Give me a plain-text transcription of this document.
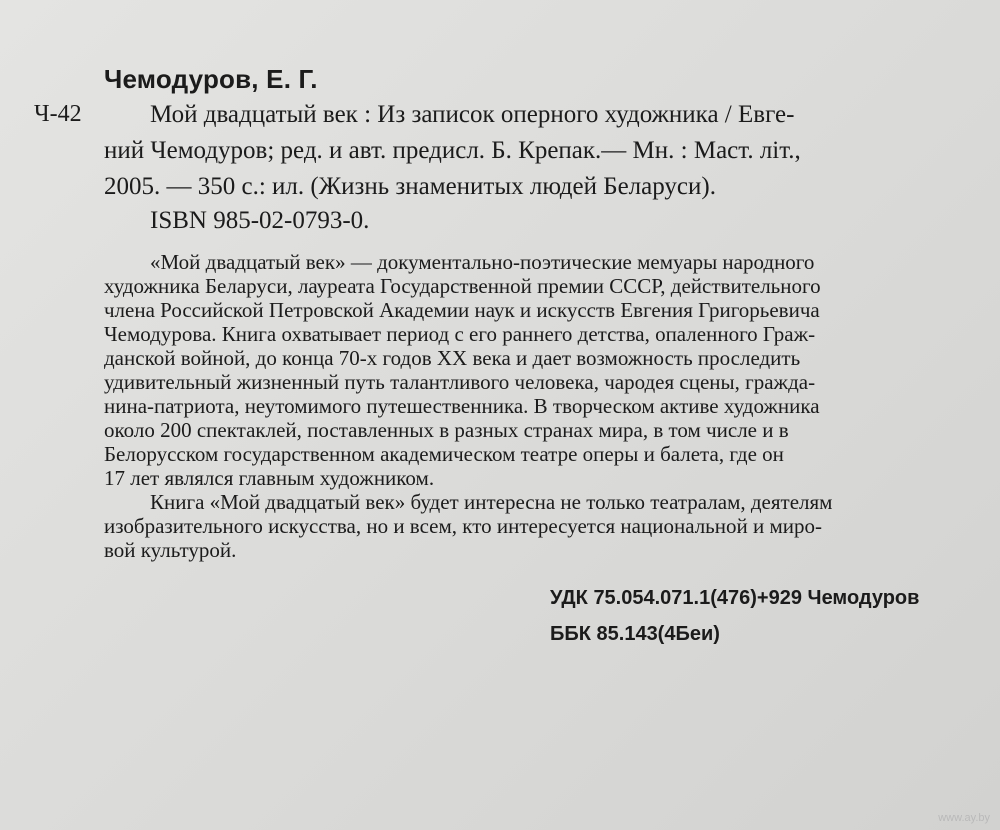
Чемодуров, Е. Г.
Ч-42	Мой двадцатый век : Из записок оперного художника / Евге-
ний Чемодуров; ред. и авт. предисл. Б. Крепак.— Мн. : Маст. літ.,
2005. — 350 с.: ил. (Жизнь знаменитых людей Беларуси).
ISBN 985-02-0793-0.
«Мой двадцатый век» — документально-поэтические мемуары народного
художника Беларуси, лауреата Государственной премии СССР, действительного
члена Российской Петровской Академии наук и искусств Евгения Григорьевича
Чемодурова. Книга охватывает период с его раннего детства, опаленного Граж-
данской войной, до конца 70-х годов XX века и дает возможность проследить
удивительный жизненный путь талантливого человека, чародея сцены, гражда-
нина-патриота, неутомимого путешественника. В творческом активе художника
около 200 спектаклей, поставленных в разных странах мира, в том числе и в
Белорусском государственном академическом театре оперы и балета, где он
17 лет являлся главным художником.
Книга «Мой двадцатый век» будет интересна не только театралам, деятелям
изобразительного искусства, но и всем, кто интересуется национальной и миро-
вой культурой.
УДК 75.054.071.1(476)+929 Чемодуров
ББК 85.143(4Беи)
www.ay.by
